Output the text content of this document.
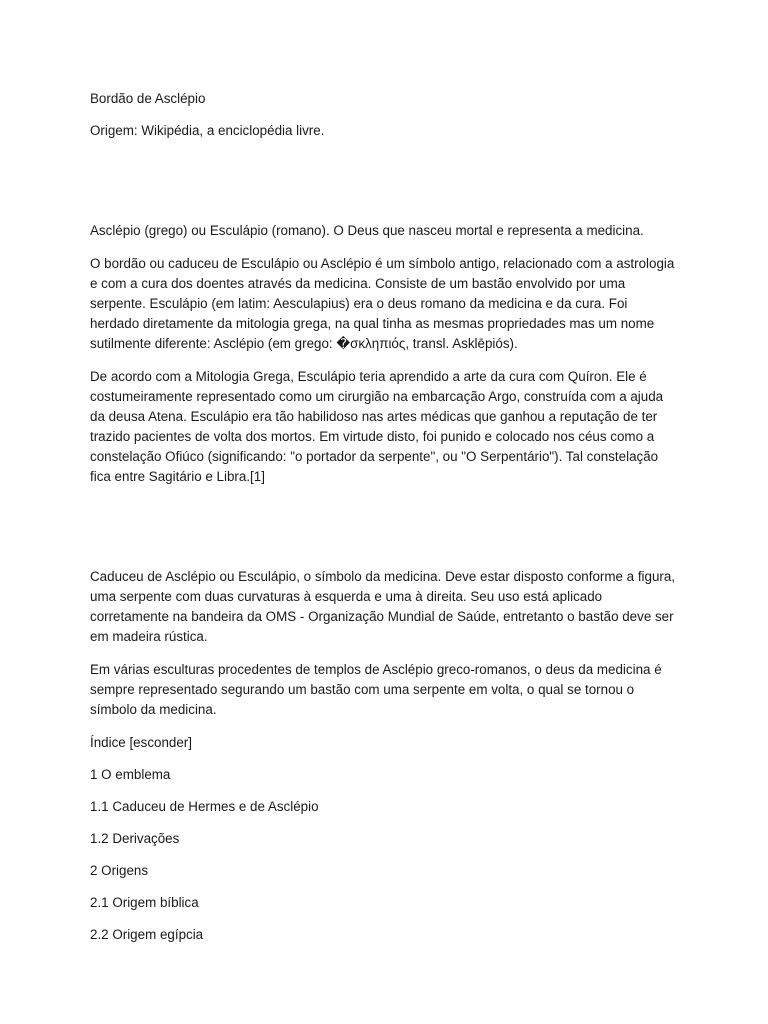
Bordão de Asclépio

Origem: Wikipédia, a enciclopédia livre.

Asclépio (grego) ou Esculápio (romano). O Deus que nasceu mortal e representa a medicina.

O bordão ou caduceu de Esculápio ou Asclépio é um símbolo antigo, relacionado com a astrologia e com a cura dos doentes através da medicina. Consiste de um bastão envolvido por uma serpente. Esculápio (em latim: Aesculapius) era o deus romano da medicina e da cura. Foi herdado diretamente da mitologia grega, na qual tinha as mesmas propriedades mas um nome sutilmente diferente: Asclépio (em grego: �σκληπιός, transl. Asklēpiós).

De acordo com a Mitologia Grega, Esculápio teria aprendido a arte da cura com Quíron. Ele é costumeiramente representado como um cirurgião na embarcação Argo, construída com a ajuda da deusa Atena. Esculápio era tão habilidoso nas artes médicas que ganhou a reputação de ter trazido pacientes de volta dos mortos. Em virtude disto, foi punido e colocado nos céus como a constelação Ofiúco (significando: "o portador da serpente", ou "O Serpentário"). Tal constelação fica entre Sagitário e Libra.[1]

Caduceu de Asclépio ou Esculápio, o símbolo da medicina. Deve estar disposto conforme a figura, uma serpente com duas curvaturas à esquerda e uma à direita. Seu uso está aplicado corretamente na bandeira da OMS - Organização Mundial de Saúde, entretanto o bastão deve ser em madeira rústica.

Em várias esculturas procedentes de templos de Asclépio greco-romanos, o deus da medicina é sempre representado segurando um bastão com uma serpente em volta, o qual se tornou o símbolo da medicina.

Índice [esconder]

1 O emblema

1.1 Caduceu de Hermes e de Asclépio

1.2 Derivações

2 Origens

2.1 Origem bíblica

2.2 Origem egípcia
